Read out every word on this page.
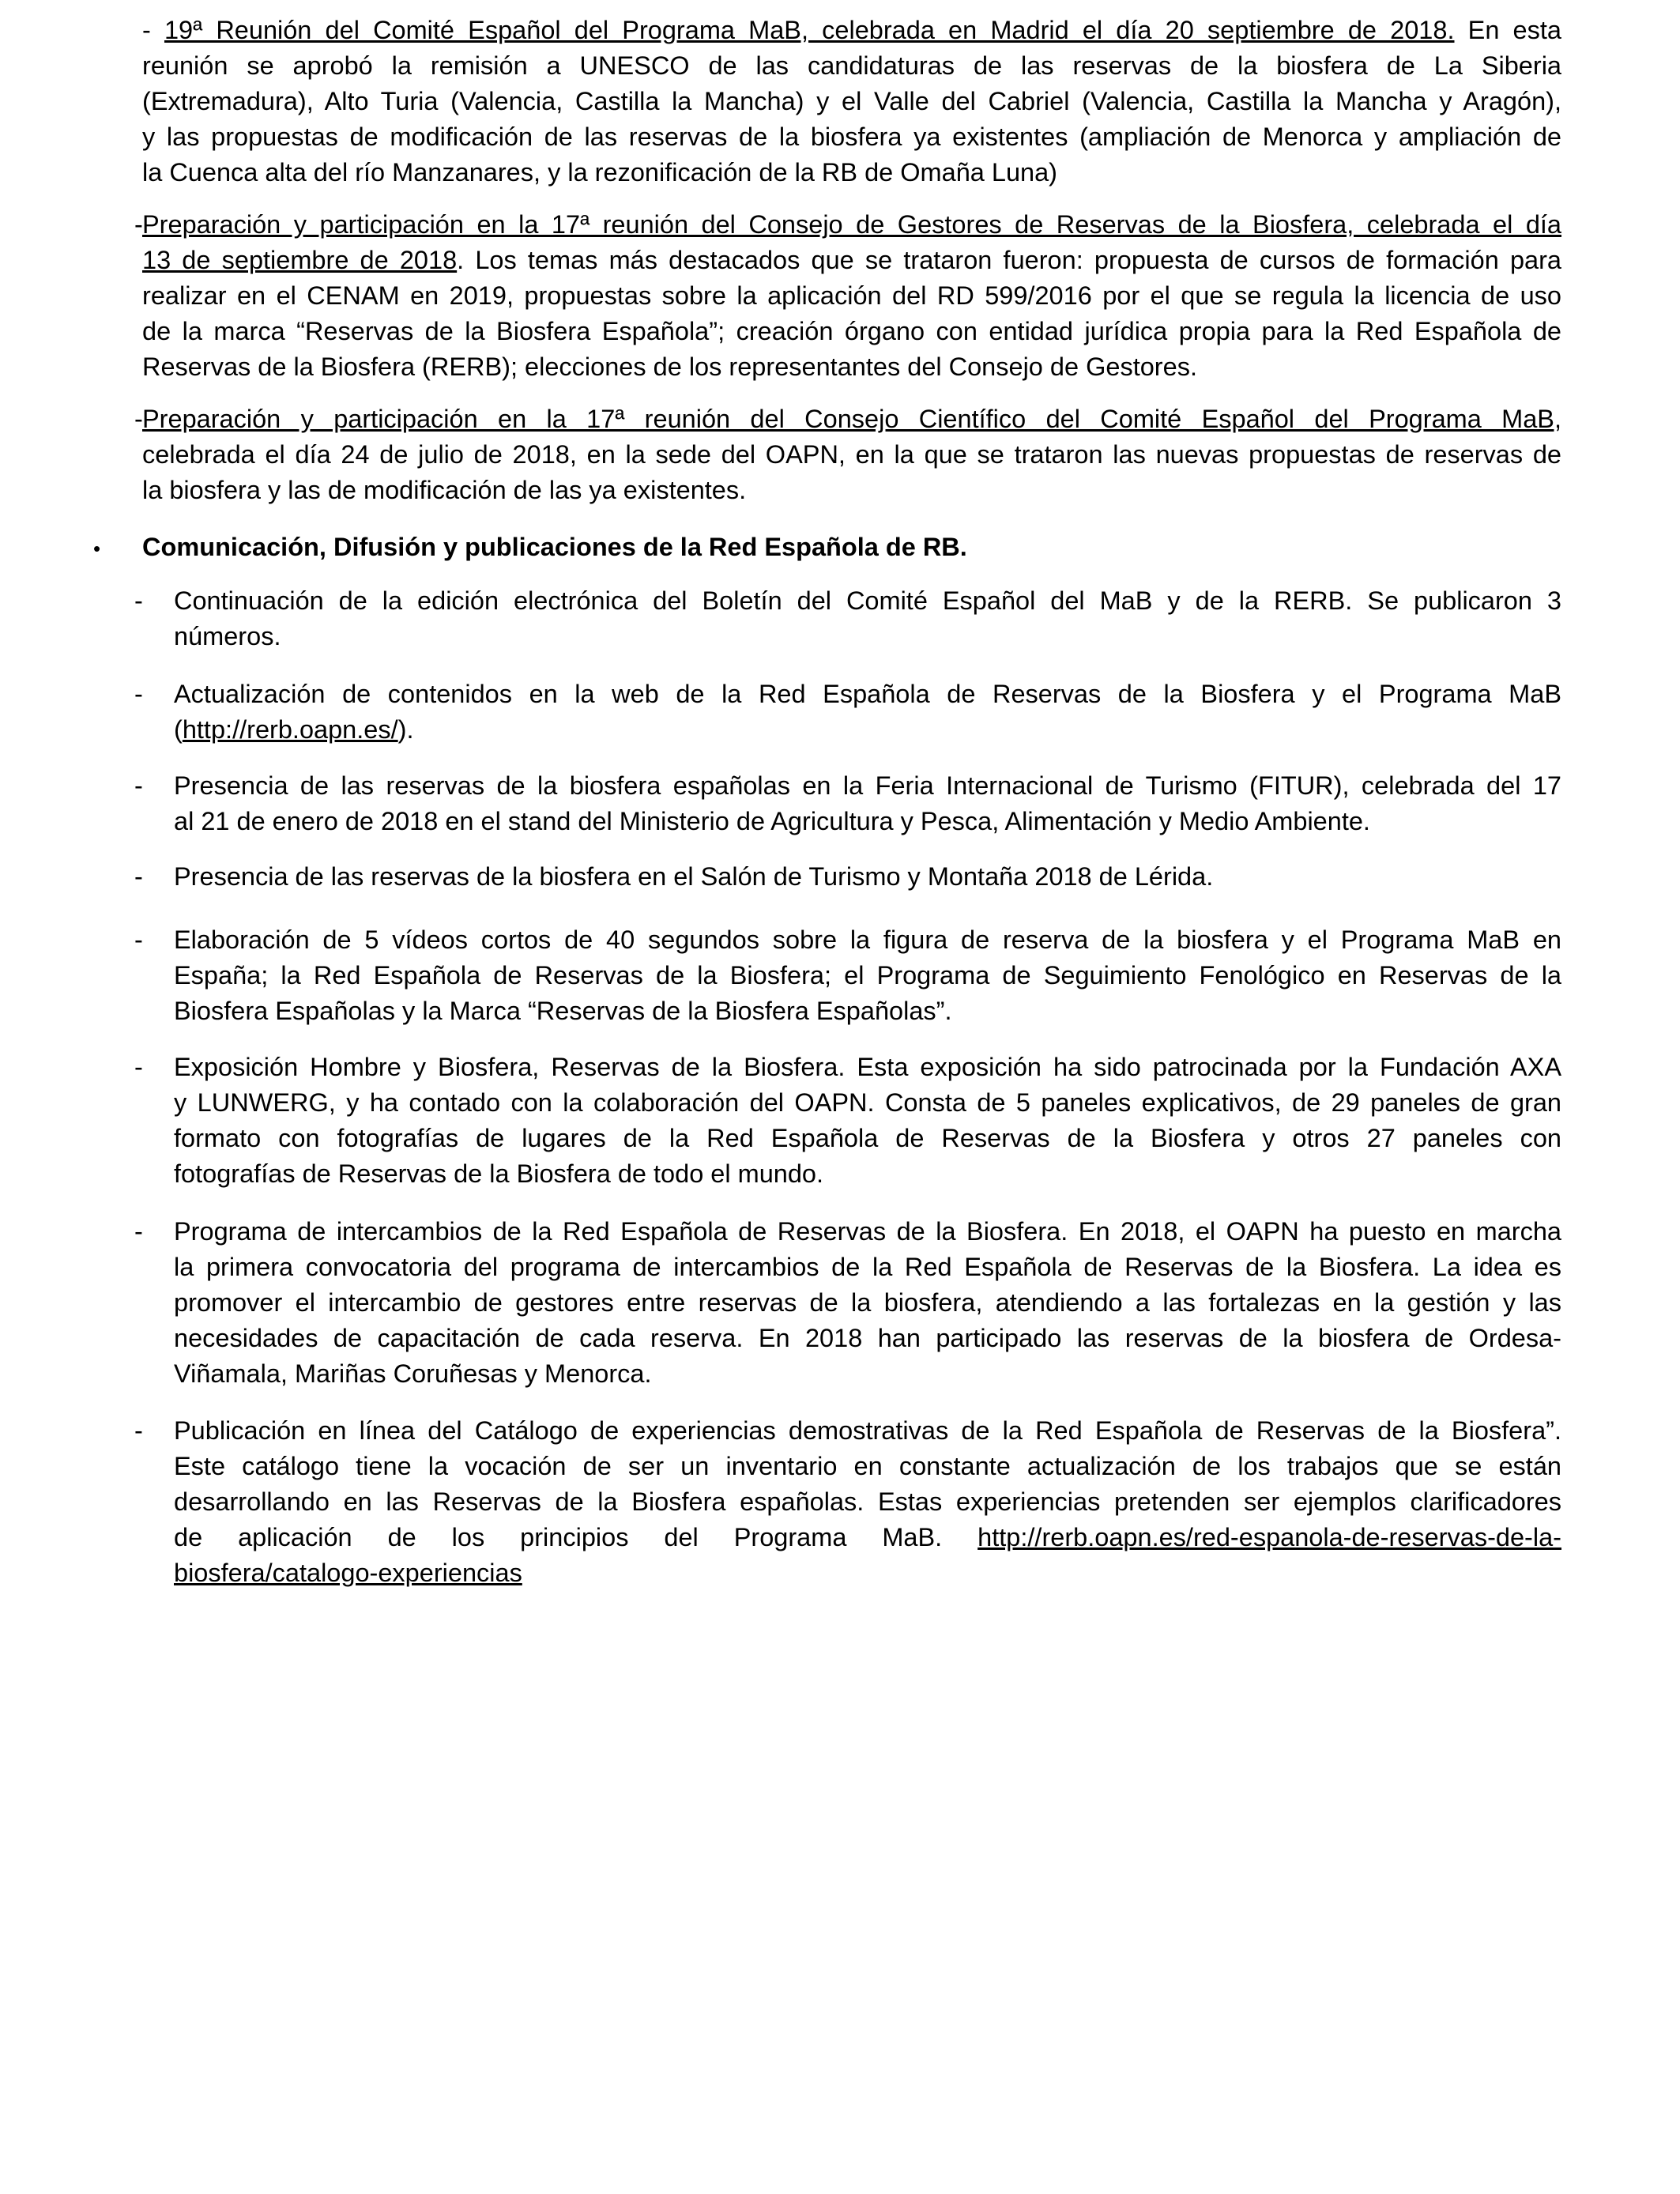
- 19ª Reunión del Comité Español del Programa MaB, celebrada en Madrid el día 20 septiembre de 2018. En esta
reunión se aprobó la remisión a UNESCO de las candidaturas de las reservas de la biosfera de La Siberia
(Extremadura), Alto Turia (Valencia, Castilla la Mancha) y el Valle del Cabriel (Valencia, Castilla la Mancha y Aragón),
y las propuestas de modificación de las reservas de la biosfera ya existentes (ampliación de Menorca y ampliación de
la Cuenca alta del río Manzanares, y la rezonificación de la RB de Omaña Luna)
- Preparación y participación en la 17ª reunión del Consejo de Gestores de Reservas de la Biosfera, celebrada el día
13 de septiembre de 2018. Los temas más destacados que se trataron fueron: propuesta de cursos de formación para
realizar en el CENAM en 2019, propuestas sobre la aplicación del RD 599/2016 por el que se regula la licencia de uso
de la marca “Reservas de la Biosfera Española”; creación órgano con entidad jurídica propia para la Red Española de
Reservas de la Biosfera (RERB); elecciones de los representantes del Consejo de Gestores.
- Preparación y participación en la 17ª reunión del Consejo Científico del Comité Español del Programa MaB,
celebrada el día 24 de julio de 2018, en la sede del OAPN, en la que se trataron las nuevas propuestas de reservas de
la biosfera y las de modificación de las ya existentes.
• Comunicación, Difusión y publicaciones de la Red Española de RB.
- Continuación de la edición electrónica del Boletín del Comité Español del MaB y de la RERB. Se publicaron 3
números.
- Actualización de contenidos en la web de la Red Española de Reservas de la Biosfera y el Programa MaB
(http://rerb.oapn.es/).
- Presencia de las reservas de la biosfera españolas en la Feria Internacional de Turismo (FITUR), celebrada del 17
al 21 de enero de 2018 en el stand del Ministerio de Agricultura y Pesca, Alimentación y Medio Ambiente.
- Presencia de las reservas de la biosfera en el Salón de Turismo y Montaña 2018 de Lérida.
- Elaboración de 5 vídeos cortos de 40 segundos sobre la figura de reserva de la biosfera y el Programa MaB en
España; la Red Española de Reservas de la Biosfera; el Programa de Seguimiento Fenológico en Reservas de la
Biosfera Españolas y la Marca “Reservas de la Biosfera Españolas”.
- Exposición Hombre y Biosfera, Reservas de la Biosfera. Esta exposición ha sido patrocinada por la Fundación AXA
y LUNWERG, y ha contado con la colaboración del OAPN. Consta de 5 paneles explicativos, de 29 paneles de gran
formato con fotografías de lugares de la Red Española de Reservas de la Biosfera y otros 27 paneles con
fotografías de Reservas de la Biosfera de todo el mundo.
- Programa de intercambios de la Red Española de Reservas de la Biosfera. En 2018, el OAPN ha puesto en marcha
la primera convocatoria del programa de intercambios de la Red Española de Reservas de la Biosfera. La idea es
promover el intercambio de gestores entre reservas de la biosfera, atendiendo a las fortalezas en la gestión y las
necesidades de capacitación de cada reserva. En 2018 han participado las reservas de la biosfera de Ordesa-
Viñamala, Mariñas Coruñesas y Menorca.
- Publicación en línea del Catálogo de experiencias demostrativas de la Red Española de Reservas de la Biosfera”.
Este catálogo tiene la vocación de ser un inventario en constante actualización de los trabajos que se están
desarrollando en las Reservas de la Biosfera españolas. Estas experiencias pretenden ser ejemplos clarificadores
de aplicación de los principios del Programa MaB. http://rerb.oapn.es/red-espanola-de-reservas-de-la-
biosfera/catalogo-experiencias
